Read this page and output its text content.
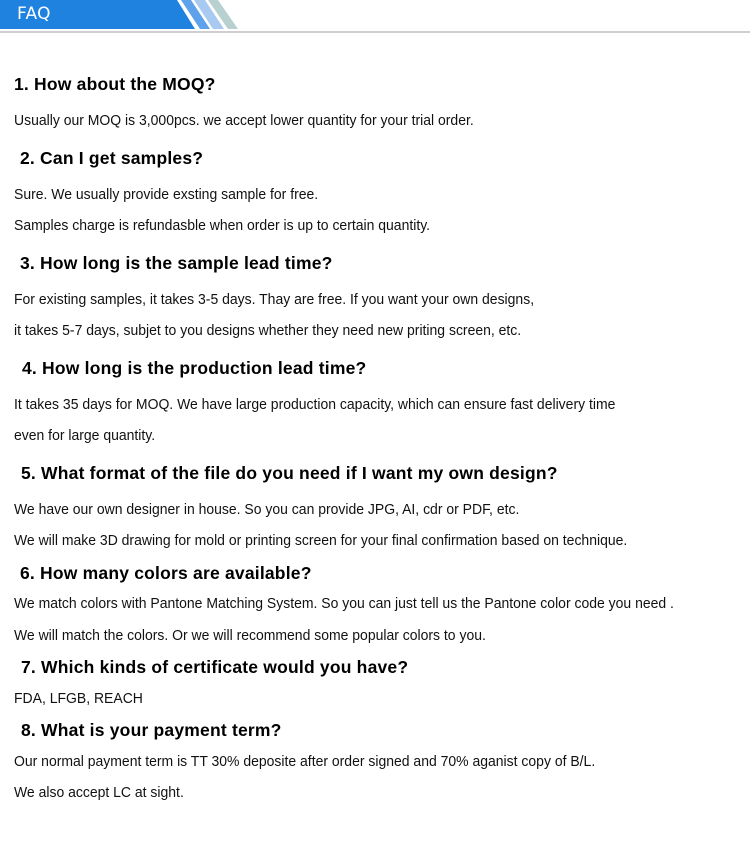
FAQ
1. How about the MOQ?
Usually our MOQ is 3,000pcs. we accept lower quantity for your trial order.
2. Can I get samples?
Sure. We usually provide exsting sample for free.
Samples charge is refundasble when order is up to certain quantity.
3. How long is the sample lead time?
For existing samples, it takes 3-5 days. Thay are free. If you want your own designs,
it takes 5-7 days, subjet to you designs whether they need new priting screen, etc.
4. How long is the production lead time?
It takes 35 days for MOQ. We have large production capacity, which can ensure fast delivery time
even for large quantity.
5. What format of the file do you need if I want my own design?
We have our own designer in house. So you can provide JPG, AI, cdr or PDF, etc.
We will make 3D drawing for mold or printing screen for your final confirmation based on technique.
6. How many colors are available?
We match colors with Pantone Matching System. So you can just tell us the Pantone color code you need .
We will match the colors. Or we will recommend some popular colors to you.
7. Which kinds of certificate would you have?
FDA, LFGB, REACH
8. What is your payment term?
Our normal payment term is TT 30% deposite after order signed and 70% aganist copy of B/L.
We also accept LC at sight.
